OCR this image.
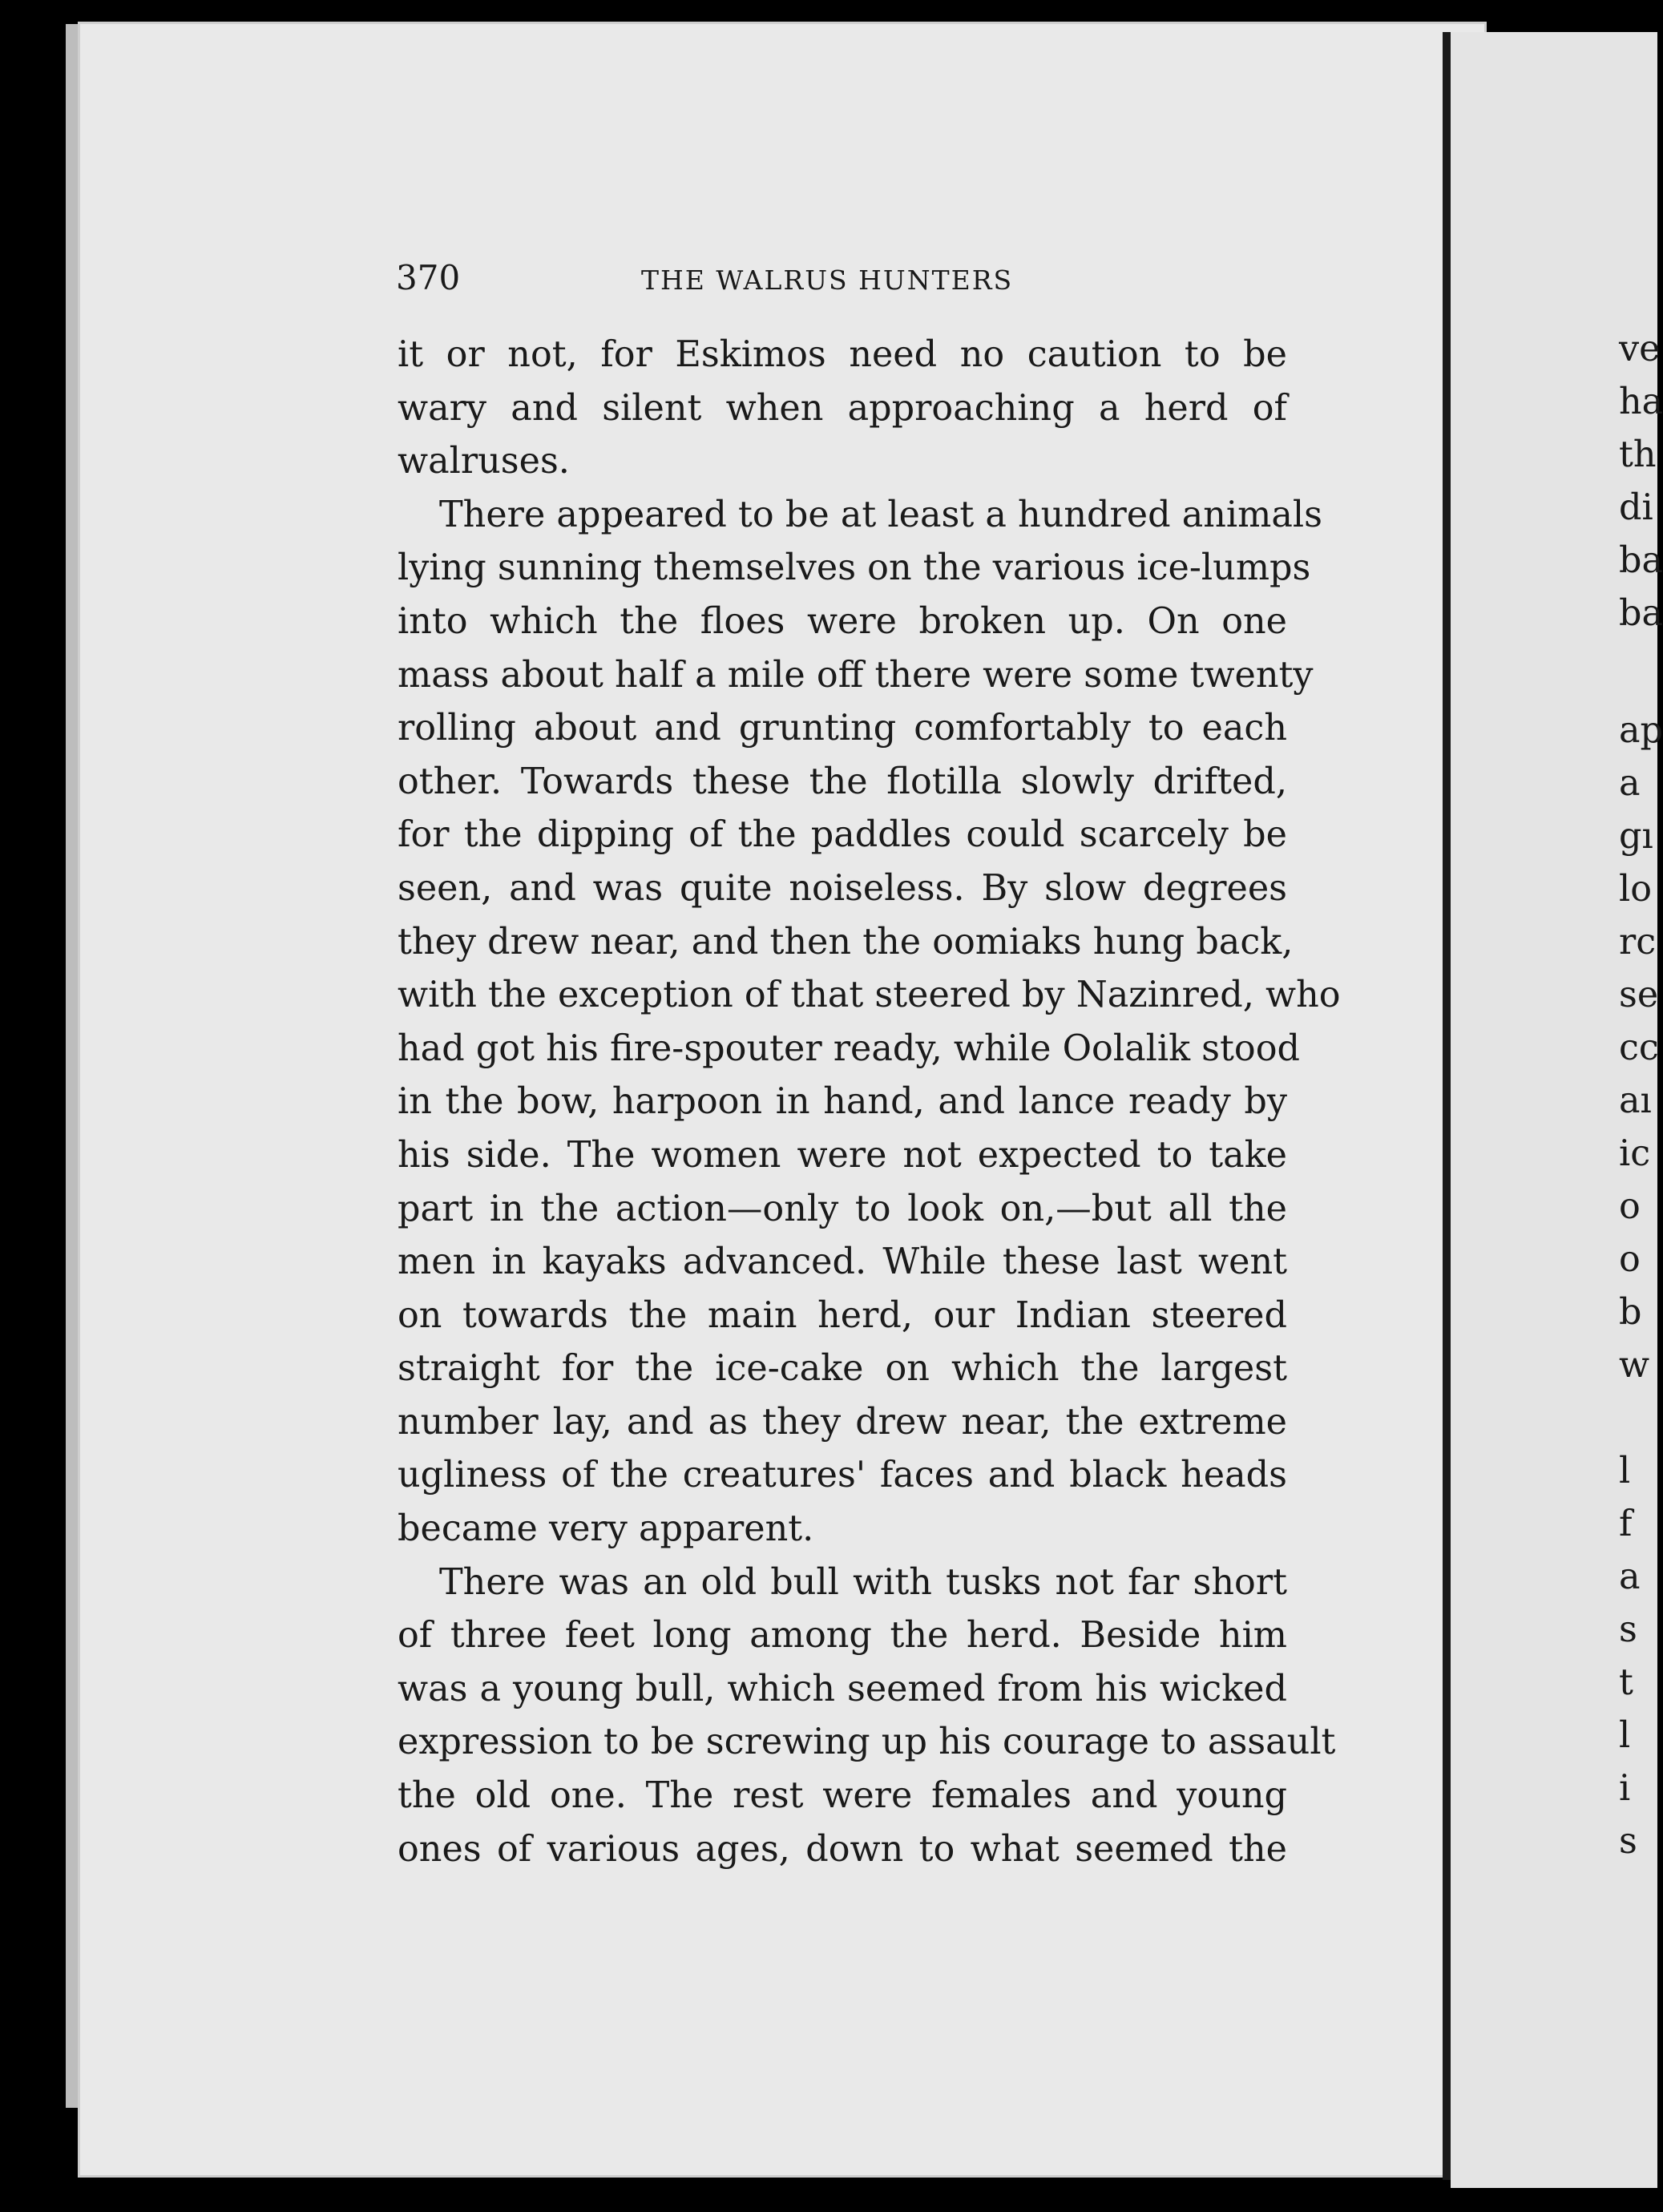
370	THE WALRUS HUNTERS
it or not, for Eskimos need no caution to be
wary and silent when approaching a herd of
walruses.
There appeared to be at least a hundred animals
lying sunning themselves on the various ice-lumps
into which the floes were broken up. On one
mass about half a mile off there were some twenty
rolling about and grunting comfortably to each
other. Towards these the flotilla slowly drifted,
for the dipping of the paddles could scarcely be
seen, and was quite noiseless. By slow degrees
they drew near, and then the oomiaks hung back,
with the exception of that steered by Nazinred, who
had got his fire-spouter ready, while Oolalik stood
in the bow, harpoon in hand, and lance ready by
his side. The women were not expected to take
part in the action—only to look on,—but all the
men in kayaks advanced. While these last went
on towards the main herd, our Indian steered
straight for the ice-cake on which the largest
number lay, and as they drew near, the extreme
ugliness of the creatures' faces and black heads
became very apparent.
There was an old bull with tusks not far short
of three feet long among the herd. Beside him
was a young bull, which seemed from his wicked
expression to be screwing up his courage to assault
the old one. The rest were females and young
ones of various ages, down to what seemed the
ve
ha
th
di
ba
ba
ap
a
gı
lo
rc
se
cc
aı
ic
o
o
b
w
l
f
a
s
t
l
i
s
